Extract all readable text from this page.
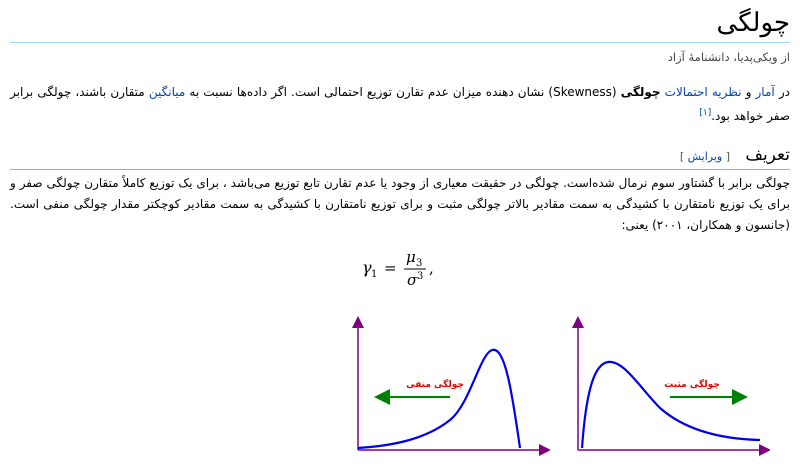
چولگی
از ویکی‌پدیا، دانشنامهٔ آزاد
در آمار و نظریه احتمالات چولگی (Skewness) نشان دهنده میزان عدم تقارن توزیع احتمالی است. اگر داده‌ها نسبت به میانگین متقارن باشند، چولگی برابر صفر خواهد بود.[۱]
تعریف
[ ویرایش ]
چولگی برابر با گشتاور سوم نرمال شده‌است. چولگی در حقیقت معیاری از وجود یا عدم تقارن تابع توزیع می‌باشد ، برای یک توزیع کاملاً متقارن چولگی صفر و برای یک توزیع نامتقارن با کشیدگی به سمت مقادیر بالاتر چولگی مثبت و برای توزیع نامتقارن با کشیدگی به سمت مقادیر کوچکتر مقدار چولگی منفی است.(جانسون و همکاران، ۲۰۰۱) یعنی:
γ 1 =
μ 3
σ 3 ,
چولگی منفی	چولگی مثبت
